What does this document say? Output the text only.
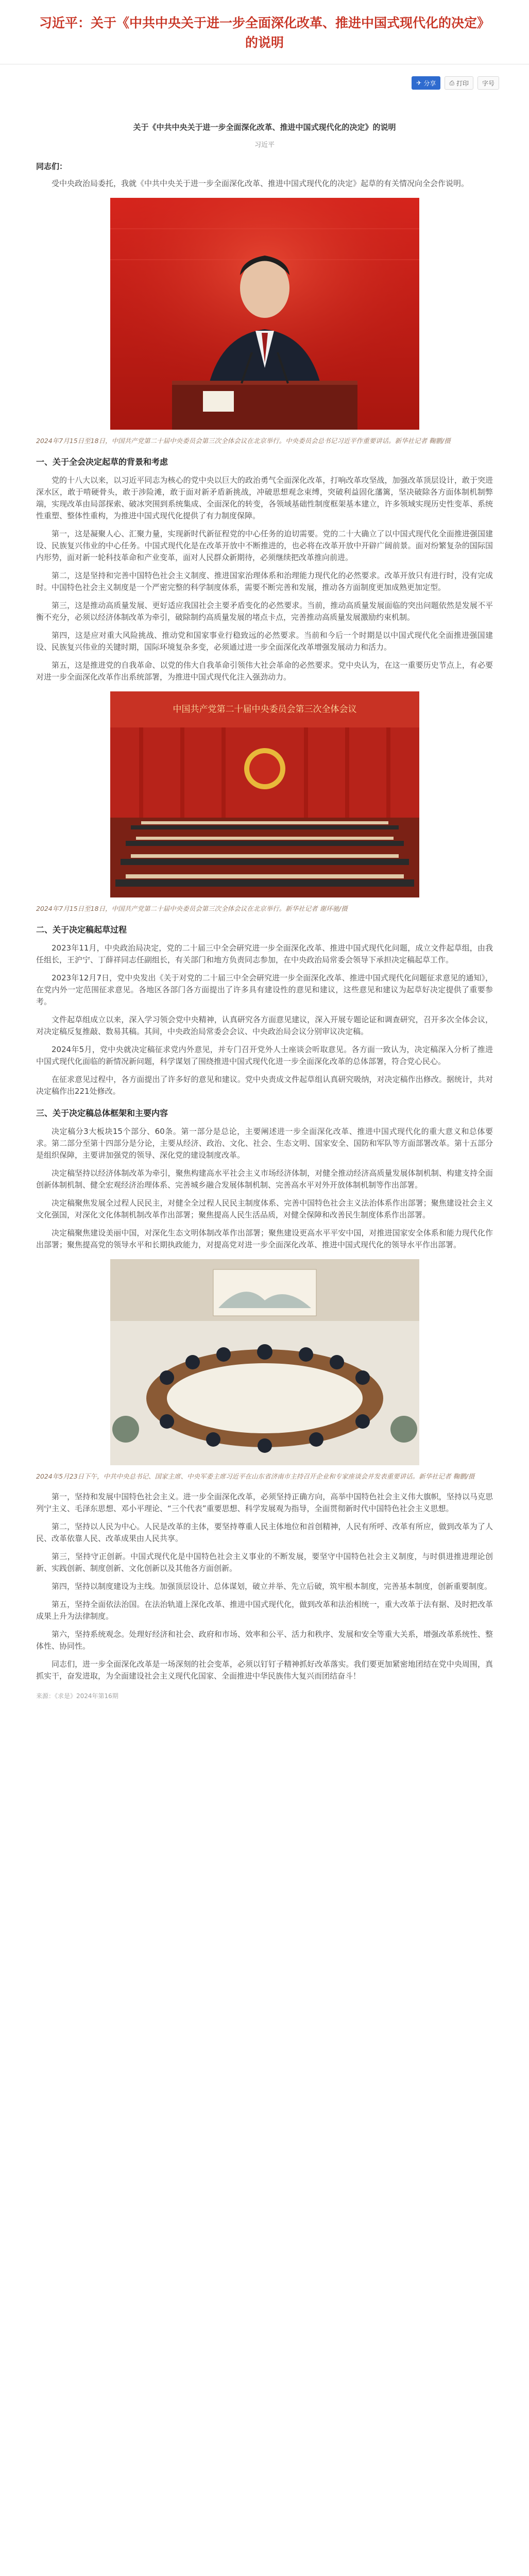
习近平：关于《中共中央关于进一步全面深化改革、推进中国式现代化的决定》的说明
✈ 分享 ⎙ 打印 字号
关于《中共中央关于进一步全面深化改革、推进中国式现代化的决定》的说明
习近平
同志们：

受中央政治局委托，我就《中共中央关于进一步全面深化改革、推进中国式现代化的决定》起草的有关情况向全会作说明。

2024年7月15日至18日，中国共产党第二十届中央委员会第三次全体会议在北京举行。中央委员会总书记习近平作重要讲话。新华社记者 鞠鹏/摄
一、关于全会决定起草的背景和考虑

党的十八大以来，以习近平同志为核心的党中央以巨大的政治勇气全面深化改革，打响改革攻坚战，加强改革顶层设计，敢于突进深水区，敢于啃硬骨头，敢于涉险滩，敢于面对新矛盾新挑战，冲破思想观念束缚，突破利益固化藩篱，坚决破除各方面体制机制弊端，实现改革由局部探索、破冰突围到系统集成、全面深化的转变，各领域基础性制度框架基本建立，许多领域实现历史性变革、系统性重塑、整体性重构，为推进中国式现代化提供了有力制度保障。

第一，这是凝聚人心、汇聚力量，实现新时代新征程党的中心任务的迫切需要。党的二十大确立了以中国式现代化全面推进强国建设、民族复兴伟业的中心任务。中国式现代化是在改革开放中不断推进的，也必将在改革开放中开辟广阔前景。面对纷繁复杂的国际国内形势，面对新一轮科技革命和产业变革，面对人民群众新期待，必须继续把改革推向前进。

第二，这是坚持和完善中国特色社会主义制度、推进国家治理体系和治理能力现代化的必然要求。改革开放只有进行时，没有完成时。中国特色社会主义制度是一个严密完整的科学制度体系，需要不断完善和发展，推动各方面制度更加成熟更加定型。

第三，这是推动高质量发展、更好适应我国社会主要矛盾变化的必然要求。当前，推动高质量发展面临的突出问题依然是发展不平衡不充分，必须以经济体制改革为牵引，破除制约高质量发展的堵点卡点，完善推动高质量发展激励约束机制。

第四，这是应对重大风险挑战、推动党和国家事业行稳致远的必然要求。当前和今后一个时期是以中国式现代化全面推进强国建设、民族复兴伟业的关键时期，国际环境复杂多变，必须通过进一步全面深化改革增强发展动力和活力。

第五，这是推进党的自我革命、以党的伟大自我革命引领伟大社会革命的必然要求。党中央认为，在这一重要历史节点上，有必要对进一步全面深化改革作出系统部署，为推进中国式现代化注入强劲动力。

中国共产党第二十届中央委员会第三次全体会议
2024年7月15日至18日，中国共产党第二十届中央委员会第三次全体会议在北京举行。新华社记者 谢环驰/摄
二、关于决定稿起草过程

2023年11月，中央政治局决定，党的二十届三中全会研究进一步全面深化改革、推进中国式现代化问题，成立文件起草组，由我任组长，王沪宁、丁薛祥同志任副组长，有关部门和地方负责同志参加，在中央政治局常委会领导下承担决定稿起草工作。

2023年12月7日，党中央发出《关于对党的二十届三中全会研究进一步全面深化改革、推进中国式现代化问题征求意见的通知》，在党内外一定范围征求意见。各地区各部门各方面提出了许多具有建设性的意见和建议，这些意见和建议为起草好决定提供了重要参考。

文件起草组成立以来，深入学习领会党中央精神，认真研究各方面意见建议，深入开展专题论证和调查研究，召开多次全体会议，对决定稿反复推敲、数易其稿。其间，中央政治局常委会会议、中央政治局会议分别审议决定稿。

2024年5月，党中央就决定稿征求党内外意见，并专门召开党外人士座谈会听取意见。各方面一致认为，决定稿深入分析了推进中国式现代化面临的新情况新问题，科学谋划了围绕推进中国式现代化进一步全面深化改革的总体部署，符合党心民心。

在征求意见过程中，各方面提出了许多好的意见和建议。党中央责成文件起草组认真研究吸纳，对决定稿作出修改。据统计，共对决定稿作出221处修改。

三、关于决定稿总体框架和主要内容

决定稿分3大板块15个部分、60条。第一部分是总论，主要阐述进一步全面深化改革、推进中国式现代化的重大意义和总体要求。第二部分至第十四部分是分论，主要从经济、政治、文化、社会、生态文明、国家安全、国防和军队等方面部署改革。第十五部分是组织保障，主要讲加强党的领导、深化党的建设制度改革。

决定稿坚持以经济体制改革为牵引，聚焦构建高水平社会主义市场经济体制，对健全推动经济高质量发展体制机制、构建支持全面创新体制机制、健全宏观经济治理体系、完善城乡融合发展体制机制、完善高水平对外开放体制机制等作出部署。

决定稿聚焦发展全过程人民民主，对健全全过程人民民主制度体系、完善中国特色社会主义法治体系作出部署；聚焦建设社会主义文化强国，对深化文化体制机制改革作出部署；聚焦提高人民生活品质，对健全保障和改善民生制度体系作出部署。

决定稿聚焦建设美丽中国，对深化生态文明体制改革作出部署；聚焦建设更高水平平安中国，对推进国家安全体系和能力现代化作出部署；聚焦提高党的领导水平和长期执政能力，对提高党对进一步全面深化改革、推进中国式现代化的领导水平作出部署。

2024年5月23日下午，中共中央总书记、国家主席、中央军委主席习近平在山东省济南市主持召开企业和专家座谈会并发表重要讲话。新华社记者 鞠鹏/摄

第一，坚持和发展中国特色社会主义。进一步全面深化改革，必须坚持正确方向，高举中国特色社会主义伟大旗帜，坚持以马克思列宁主义、毛泽东思想、邓小平理论、“三个代表”重要思想、科学发展观为指导，全面贯彻新时代中国特色社会主义思想。

第二，坚持以人民为中心。人民是改革的主体，要坚持尊重人民主体地位和首创精神，人民有所呼、改革有所应，做到改革为了人民、改革依靠人民、改革成果由人民共享。

第三，坚持守正创新。中国式现代化是中国特色社会主义事业的不断发展，要坚守中国特色社会主义制度，与时俱进推进理论创新、实践创新、制度创新、文化创新以及其他各方面创新。

第四，坚持以制度建设为主线。加强顶层设计、总体谋划，破立并举、先立后破，筑牢根本制度，完善基本制度，创新重要制度。

第五，坚持全面依法治国。在法治轨道上深化改革、推进中国式现代化，做到改革和法治相统一，重大改革于法有据、及时把改革成果上升为法律制度。

第六，坚持系统观念。处理好经济和社会、政府和市场、效率和公平、活力和秩序、发展和安全等重大关系，增强改革系统性、整体性、协同性。

同志们，进一步全面深化改革是一场深刻的社会变革，必须以钉钉子精神抓好改革落实。我们要更加紧密地团结在党中央周围，真抓实干，奋发进取，为全面建设社会主义现代化国家、全面推进中华民族伟大复兴而团结奋斗！

来源：《求是》2024年第16期
